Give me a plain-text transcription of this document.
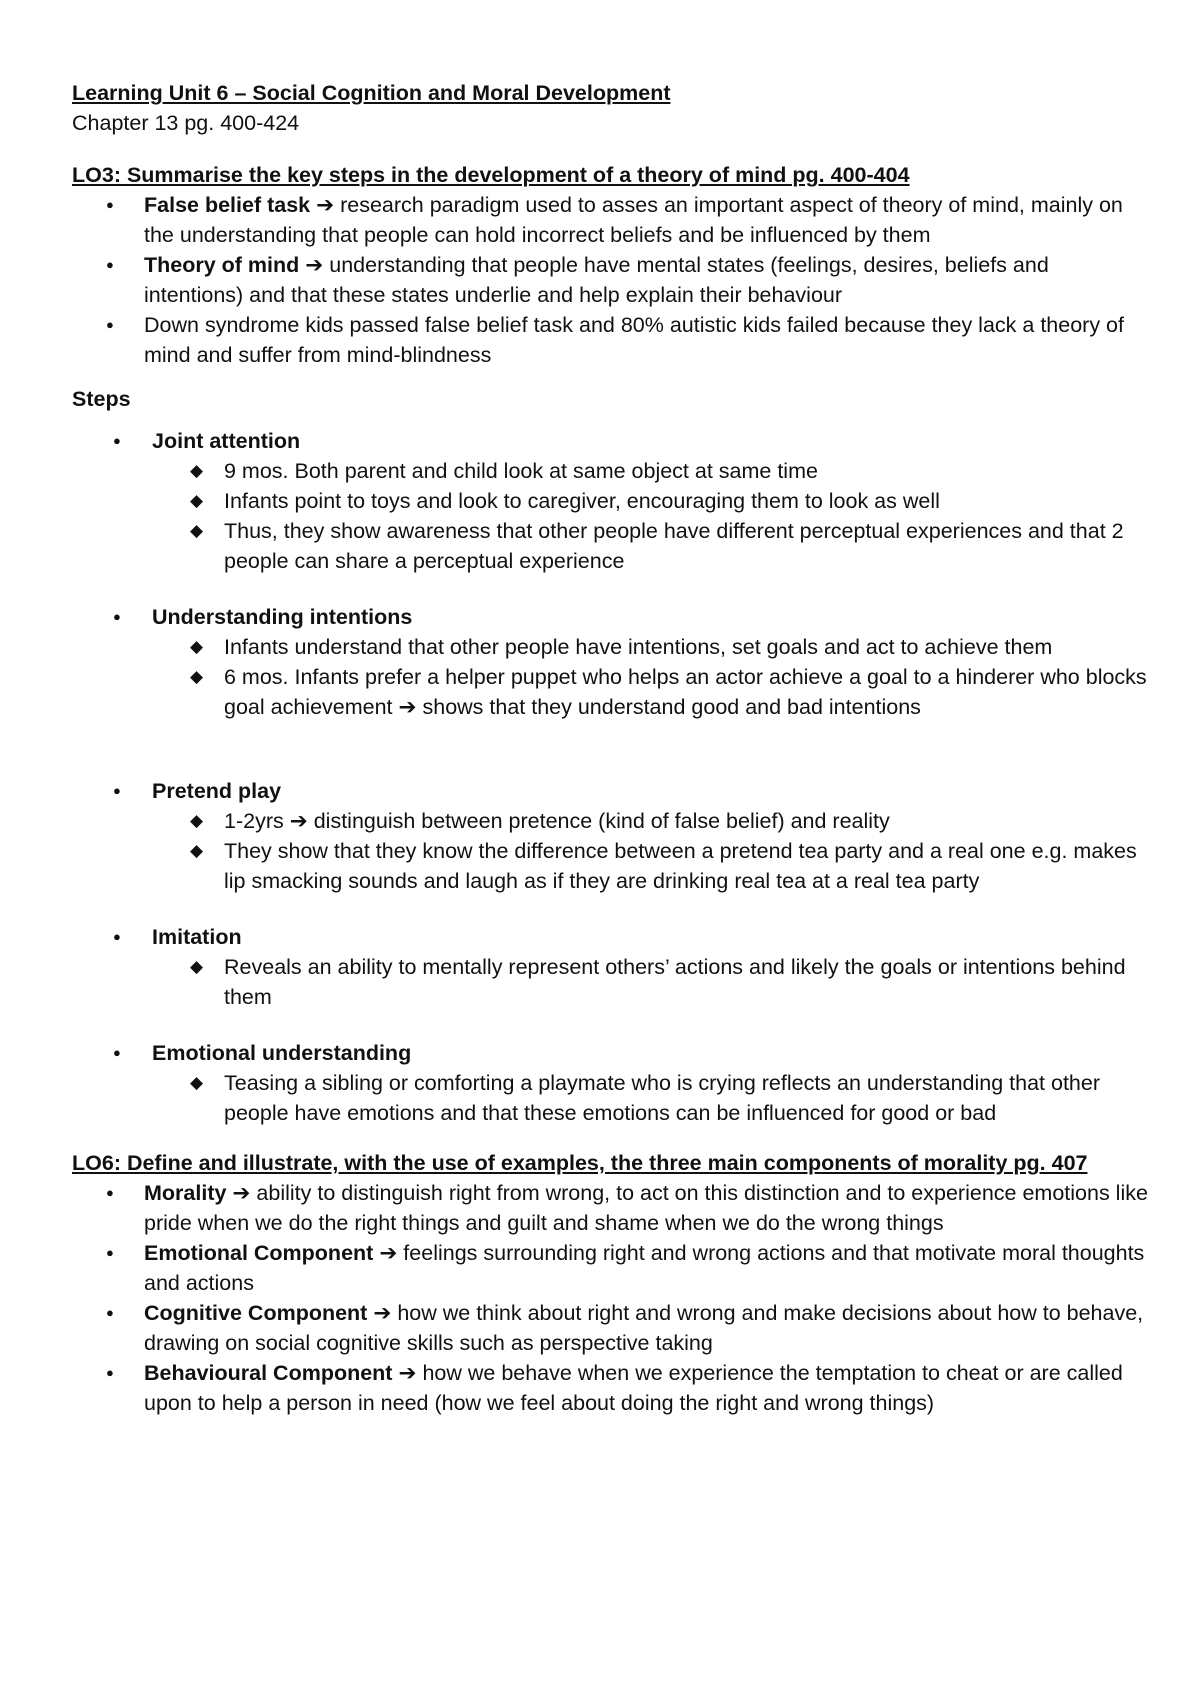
Learning Unit 6 – Social Cognition and Moral Development
Chapter 13 pg. 400-424
LO3: Summarise the key steps in the development of a theory of mind pg. 400-404
● False belief task ➔ research paradigm used to asses an important aspect of theory of mind, mainly on the understanding that people can hold incorrect beliefs and be influenced by them
● Theory of mind ➔ understanding that people have mental states (feelings, desires, beliefs and intentions) and that these states underlie and help explain their behaviour
● Down syndrome kids passed false belief task and 80% autistic kids failed because they lack a theory of mind and suffer from mind-blindness
Steps
● Joint attention
◆ 9 mos. Both parent and child look at same object at same time
◆ Infants point to toys and look to caregiver, encouraging them to look as well
◆ Thus, they show awareness that other people have different perceptual experiences and that 2 people can share a perceptual experience
● Understanding intentions
◆ Infants understand that other people have intentions, set goals and act to achieve them
◆ 6 mos. Infants prefer a helper puppet who helps an actor achieve a goal to a hinderer who blocks goal achievement ➔ shows that they understand good and bad intentions
● Pretend play
◆ 1-2yrs ➔ distinguish between pretence (kind of false belief) and reality
◆ They show that they know the difference between a pretend tea party and a real one e.g. makes lip smacking sounds and laugh as if they are drinking real tea at a real tea party
● Imitation
◆ Reveals an ability to mentally represent others’ actions and likely the goals or intentions behind them
● Emotional understanding
◆ Teasing a sibling or comforting a playmate who is crying reflects an understanding that other people have emotions and that these emotions can be influenced for good or bad
LO6: Define and illustrate, with the use of examples, the three main components of morality pg. 407
● Morality ➔ ability to distinguish right from wrong, to act on this distinction and to experience emotions like pride when we do the right things and guilt and shame when we do the wrong things
● Emotional Component ➔ feelings surrounding right and wrong actions and that motivate moral thoughts and actions
● Cognitive Component ➔ how we think about right and wrong and make decisions about how to behave, drawing on social cognitive skills such as perspective taking
● Behavioural Component ➔ how we behave when we experience the temptation to cheat or are called upon to help a person in need (how we feel about doing the right and wrong things)
